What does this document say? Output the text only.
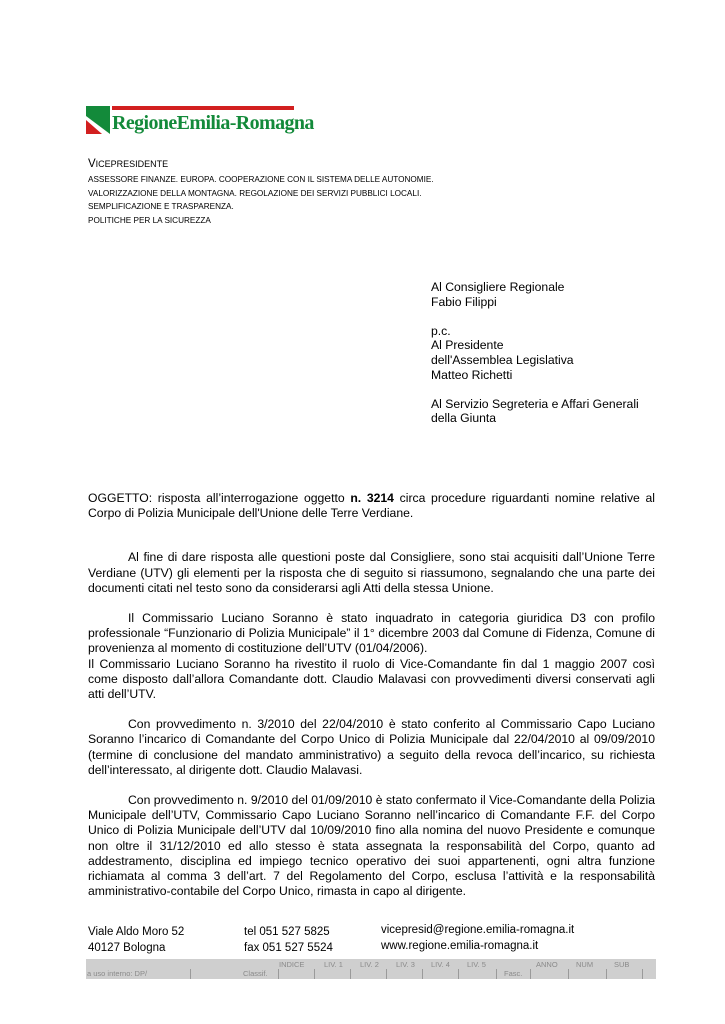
RegioneEmilia-Romagna
VICEPRESIDENTE
ASSESSORE FINANZE. EUROPA. COOPERAZIONE CON IL SISTEMA DELLE AUTONOMIE.
VALORIZZAZIONE DELLA MONTAGNA. REGOLAZIONE DEI SERVIZI PUBBLICI LOCALI.
SEMPLIFICAZIONE E TRASPARENZA.
POLITICHE PER LA SICUREZZA
Al Consigliere Regionale
Fabio Filippi
p.c.
Al Presidente
dell'Assemblea Legislativa
Matteo Richetti
Al Servizio Segreteria e Affari Generali
della Giunta

OGGETTO: risposta all’interrogazione oggetto n. 3214 circa procedure riguardanti nomine relative al Corpo di Polizia Municipale dell'Unione delle Terre Verdiane.

Al fine di dare risposta alle questioni poste dal Consigliere, sono stai acquisiti dall’Unione Terre Verdiane (UTV) gli elementi per la risposta che di seguito si riassumono, segnalando che una parte dei documenti citati nel testo sono da considerarsi agli Atti della stessa Unione.

Il Commissario Luciano Soranno è stato inquadrato in categoria giuridica D3 con profilo professionale “Funzionario di Polizia Municipale” il 1° dicembre 2003 dal Comune di Fidenza, Comune di provenienza al momento di costituzione dell’UTV (01/04/2006).

Il Commissario Luciano Soranno ha rivestito il ruolo di Vice-Comandante fin dal 1 maggio 2007 così come disposto dall’allora Comandante dott. Claudio Malavasi con provvedimenti diversi conservati agli atti dell’UTV.

Con provvedimento n. 3/2010 del 22/04/2010 è stato conferito al Commissario Capo Luciano Soranno l’incarico di Comandante del Corpo Unico di Polizia Municipale dal 22/04/2010 al 09/09/2010 (termine di conclusione del mandato amministrativo) a seguito della revoca dell’incarico, su richiesta dell’interessato, al dirigente dott. Claudio Malavasi.

Con provvedimento n. 9/2010 del 01/09/2010 è stato confermato il Vice-Comandante della Polizia Municipale dell’UTV, Commissario Capo Luciano Soranno nell’incarico di Comandante F.F. del Corpo Unico di Polizia Municipale dell’UTV dal 10/09/2010 fino alla nomina del nuovo Presidente e comunque non oltre il 31/12/2010 ed allo stesso è stata assegnata la responsabilità del Corpo, quanto ad addestramento, disciplina ed impiego tecnico operativo dei suoi appartenenti, ogni altra funzione richiamata al comma 3 dell’art. 7 del Regolamento del Corpo, esclusa l’attività e la responsabilità amministrativo-contabile del Corpo Unico, rimasta in capo al dirigente.

Viale Aldo Moro 52
40127 Bologna
tel 051 527 5825
fax 051 527 5524
vicepresid@regione.emilia-romagna.it
www.regione.emilia-romagna.it
a uso interno: DP/	Classif.
INDICE	LIV. 1 LIV. 2 LIV. 3 LIV. 4 LIV. 5
Fasc.
ANNO NUM	SUB
